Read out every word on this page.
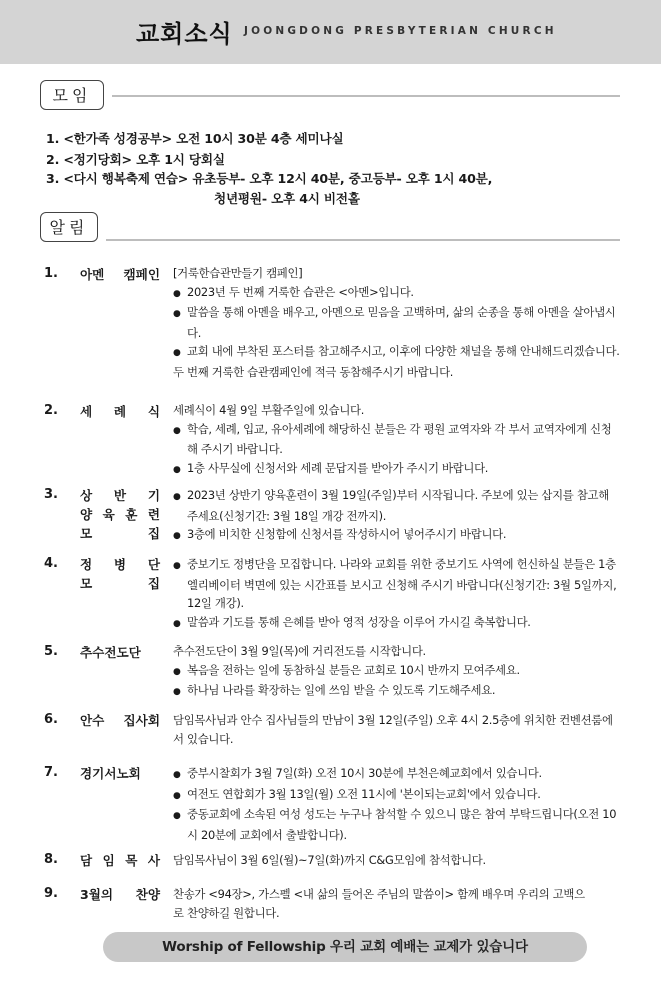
교회소식 JOONGDONG PRESBYTERIAN CHURCH
모임
1. <한가족 성경공부> 오전 10시 30분 4층 세미나실
2. <정기당회> 오후 1시 당회실
3. <다시 행복축제 연습> 유초등부- 오후 12시 40분, 중고등부- 오후 1시 40분,
청년평원- 오후 4시 비전홀
알림
1. 아멘 캠페인 [거룩한습관만들기 캠페인]
● 2023년 두 번째 거룩한 습관은 <아멘>입니다.
● 말씀을 통해 아멘을 배우고, 아멘으로 믿음을 고백하며, 삶의 순종을 통해 아멘을 살아냅시다.
● 교회 내에 부착된 포스터를 참고해주시고, 이후에 다양한 채널을 통해 안내해드리겠습니다.
두 번째 거룩한 습관캠페인에 적극 동참해주시기 바랍니다.
2. 세 례 식 세례식이 4월 9일 부활주일에 있습니다.
● 학습, 세례, 입교, 유아세례에 해당하신 분들은 각 평원 교역자와 각 부서 교역자에게 신청해 주시기 바랍니다.
● 1층 사무실에 신청서와 세례 문답지를 받아가 주시기 바랍니다.
3. 상 반 기
양 육 훈 련
모 집
● 2023년 상반기 양육훈련이 3월 19일(주일)부터 시작됩니다. 주보에 있는 삽지를 참고해 주세요(신청기간: 3월 18일 개강 전까지).
● 3층에 비치한 신청함에 신청서를 작성하시어 넣어주시기 바랍니다.
4. 정 병 단
모 집
● 중보기도 정병단을 모집합니다. 나라와 교회를 위한 중보기도 사역에 헌신하실 분들은 1층 엘리베이터 벽면에 있는 시간표를 보시고 신청해 주시기 바랍니다(신청기간: 3월 5일까지, 12일 개강).
● 말씀과 기도를 통해 은혜를 받아 영적 성장을 이루어 가시길 축복합니다.
5. 추수전도단	추수전도단이 3월 9일(목)에 거리전도를 시작합니다.
● 복음을 전하는 일에 동참하실 분들은 교회로 10시 반까지 모여주세요.
● 하나님 나라를 확장하는 일에 쓰임 받을 수 있도록 기도해주세요.
6. 안수 집사회 담임목사님과 안수 집사님들의 만남이 3월 12일(주일) 오후 4시 2.5층에 위치한 컨벤션룸에서 있습니다.
7. 경기서노회
●	중부시찰회가 3월 7일(화) 오전 10시 30분에 부천은혜교회에서 있습니다.
● 여전도 연합회가 3월 13일(월) 오전 11시에 '본이되는교회'에서 있습니다.
● 중동교회에 소속된 여성 성도는 누구나 참석할 수 있으니 많은 참여 부탁드립니다(오전 10시 20분에 교회에서 출발합니다).
8. 담 임 목 사 담임목사님이 3월 6일(월)~7일(화)까지 C&G모임에 참석합니다.
9. 3월의 찬양 찬송가 <94장>, 가스펠 <내 삶의 들어온 주님의 말씀이> 함께 배우며 우리의 고백으로 찬양하길 원합니다.
Worship of Fellowship 우리 교회 예배는 교제가 있습니다
